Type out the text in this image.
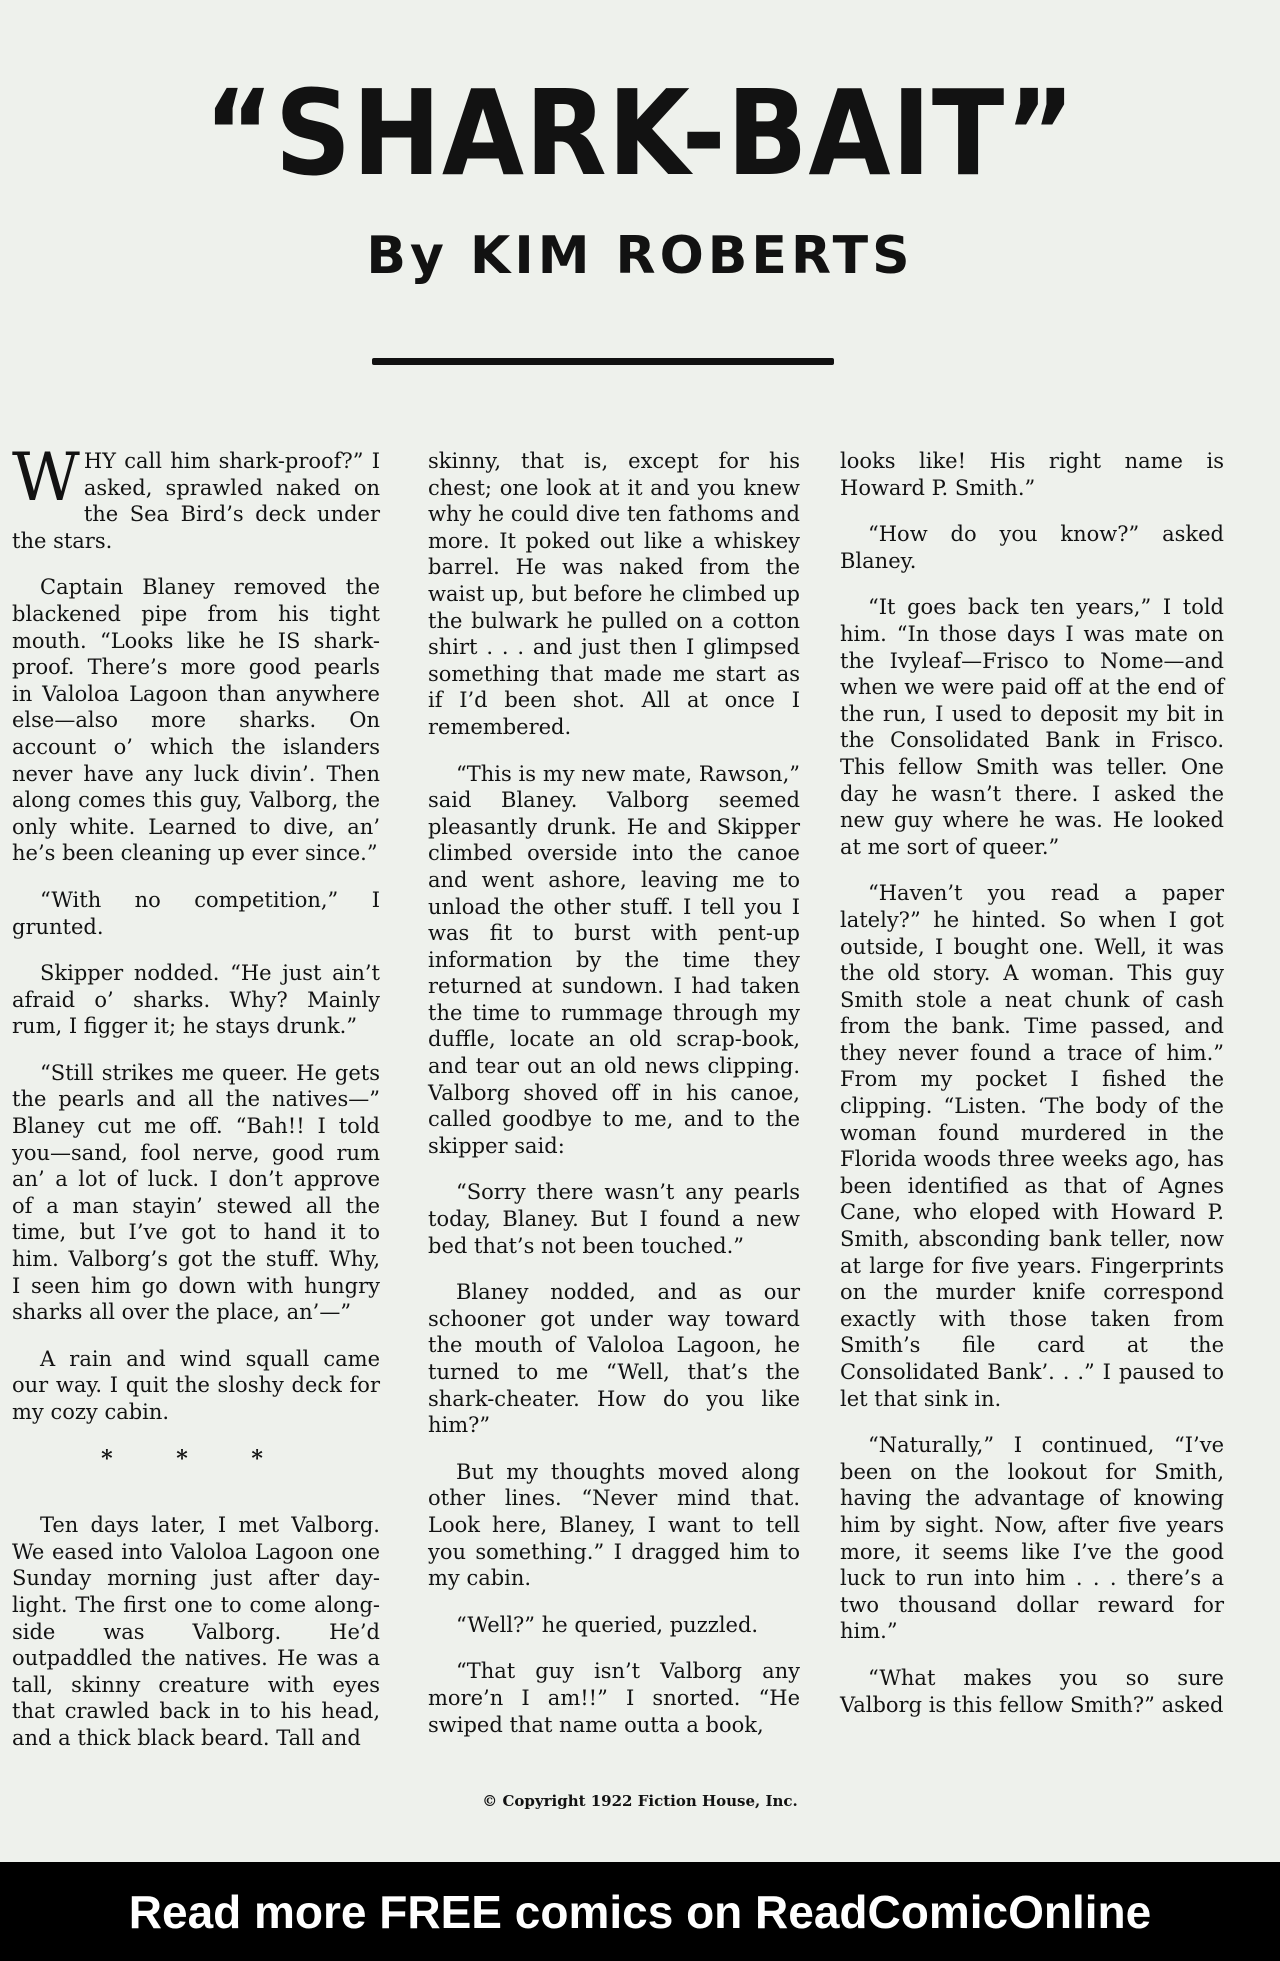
“SHARK-BAIT”
By KIM ROBERTS

WHY call him shark-proof?” I asked, sprawled naked on the Sea Bird’s deck under the stars.

Captain Blaney removed the blackened pipe from his tight mouth. “Looks like he IS shark-proof. There’s more good pearls in Valoloa Lagoon than anywhere else—also more sharks. On account o’ which the islanders never have any luck divin’. Then along comes this guy, Valborg, the only white. Learned to dive, an’ he’s been cleaning up ever since.”

“With no competition,” I grunted.

Skipper nodded. “He just ain’t afraid o’ sharks. Why? Mainly rum, I figger it; he stays drunk.”

“Still strikes me queer. He gets the pearls and all the natives—” Blaney cut me off. “Bah!! I told you—sand, fool nerve, good rum an’ a lot of luck. I don’t approve of a man stayin’ stewed all the time, but I’ve got to hand it to him. Valborg’s got the stuff. Why, I seen him go down with hungry sharks all over the place, an’—”

A rain and wind squall came our way. I quit the sloshy deck for my cozy cabin.

* * *

Ten days later, I met Valborg. We eased into Valoloa Lagoon one Sunday morning just after day-light. The first one to come along-side was Valborg. He’d outpaddled the natives. He was a tall, skinny creature with eyes that crawled back in to his head, and a thick black beard. Tall and

skinny, that is, except for his chest; one look at it and you knew why he could dive ten fathoms and more. It poked out like a whiskey barrel. He was naked from the waist up, but before he climbed up the bulwark he pulled on a cotton shirt . . . and just then I glimpsed something that made me start as if I’d been shot. All at once I remembered.

“This is my new mate, Rawson,” said Blaney. Valborg seemed pleasantly drunk. He and Skipper climbed overside into the canoe and went ashore, leaving me to unload the other stuff. I tell you I was fit to burst with pent-up information by the time they returned at sundown. I had taken the time to rummage through my duffle, locate an old scrap-book, and tear out an old news clipping. Valborg shoved off in his canoe, called goodbye to me, and to the skipper said:

“Sorry there wasn’t any pearls today, Blaney. But I found a new bed that’s not been touched.”

Blaney nodded, and as our schooner got under way toward the mouth of Valoloa Lagoon, he turned to me “Well, that’s the shark-cheater. How do you like him?”

But my thoughts moved along other lines. “Never mind that. Look here, Blaney, I want to tell you something.” I dragged him to my cabin.

“Well?” he queried, puzzled.

“That guy isn’t Valborg any more’n I am!!” I snorted. “He swiped that name outta a book,

looks like! His right name is Howard P. Smith.”

“How do you know?” asked Blaney.

“It goes back ten years,” I told him. “In those days I was mate on the Ivyleaf—Frisco to Nome—and when we were paid off at the end of the run, I used to deposit my bit in the Consolidated Bank in Frisco. This fellow Smith was teller. One day he wasn’t there. I asked the new guy where he was. He looked at me sort of queer.”

“Haven’t you read a paper lately?” he hinted. So when I got outside, I bought one. Well, it was the old story. A woman. This guy Smith stole a neat chunk of cash from the bank. Time passed, and they never found a trace of him.” From my pocket I fished the clipping. “Listen. ‘The body of the woman found murdered in the Florida woods three weeks ago, has been identified as that of Agnes Cane, who eloped with Howard P. Smith, absconding bank teller, now at large for five years. Fingerprints on the murder knife correspond exactly with those taken from Smith’s file card at the Consolidated Bank’. . .” I paused to let that sink in.

“Naturally,” I continued, “I’ve been on the lookout for Smith, having the advantage of knowing him by sight. Now, after five years more, it seems like I’ve the good luck to run into him . . . there’s a two thousand dollar reward for him.”

“What makes you so sure Valborg is this fellow Smith?” asked

© Copyright 1922 Fiction House, Inc.
Read more FREE comics on ReadComicOnline
